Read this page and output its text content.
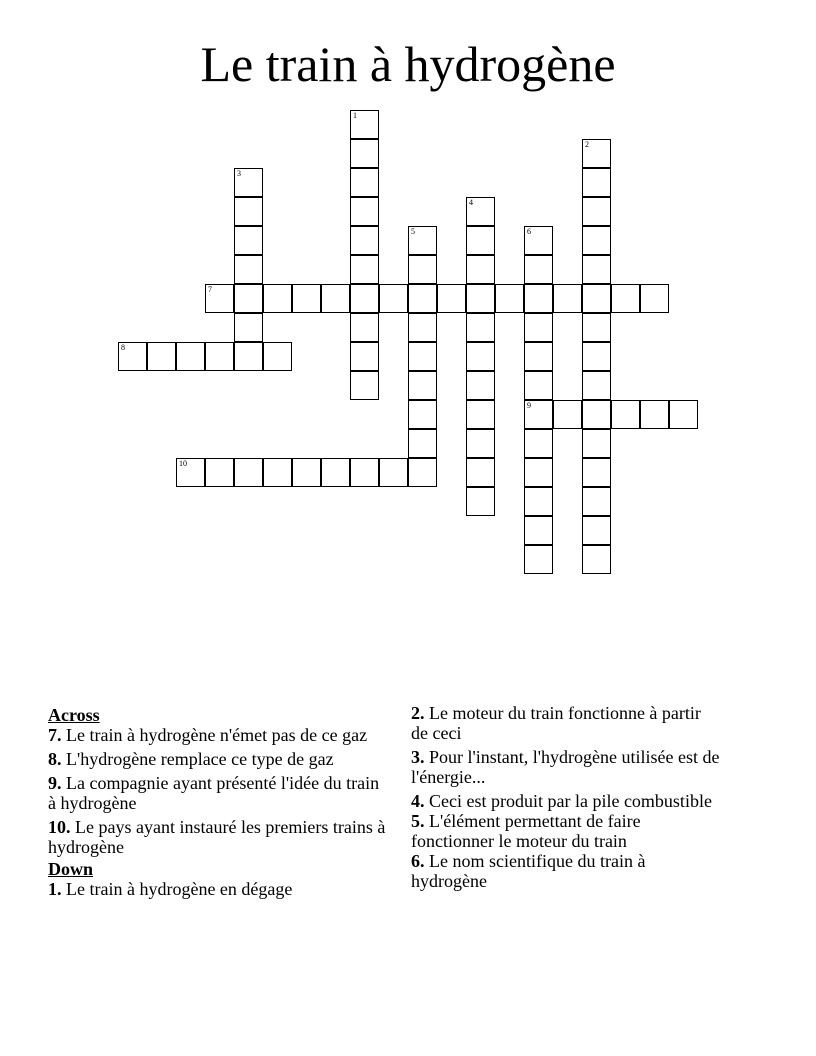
Le train à hydrogène
1
2
3
4
5	6
9
7
8
10
Across
7. Le train à hydrogène n'émet pas de ce gaz
8. L'hydrogène remplace ce type de gaz
9. La compagnie ayant présenté l'idée du train à hydrogène
10. Le pays ayant instauré les premiers trains à hydrogène
Down
1. Le train à hydrogène en dégage
2. Le moteur du train fonctionne à partir de ceci
3. Pour l'instant, l'hydrogène utilisée est de l'énergie...
4. Ceci est produit par la pile combustible
5. L'élément permettant de faire fonctionner le moteur du train
6. Le nom scientifique du train à hydrogène
